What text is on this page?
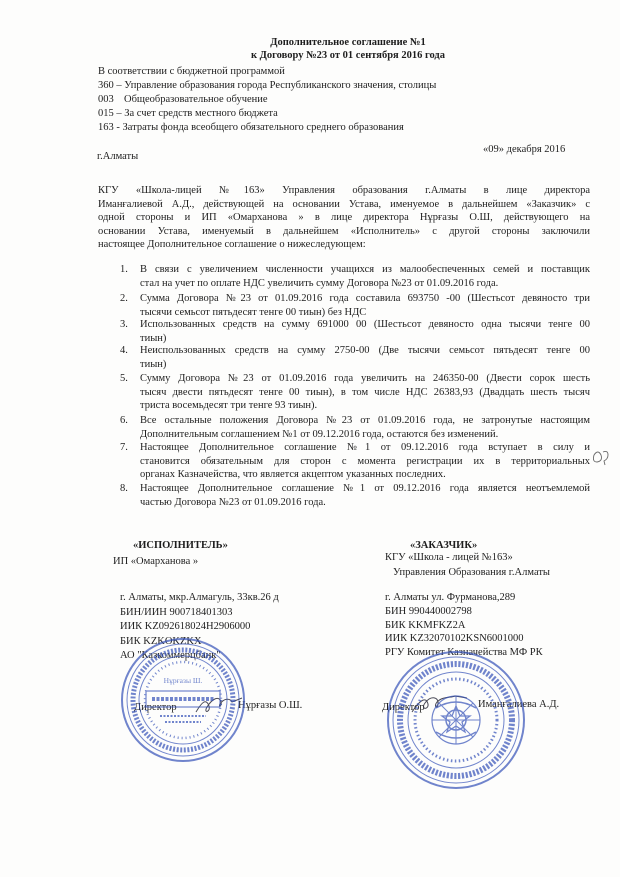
Дополнительное соглашение №1
к Договору №23 от 01 сентября 2016 года
В соответствии с бюджетной программой
360 – Управление образования города Республиканского значения, столицы
003 Общеобразовательное обучение
015 – За счет средств местного бюджета
163 - Затраты фонда всеобщего обязательного среднего образования
г.Алматы
«09» декабря 2016
КГУ «Школа-лицей №163» Управления образования г.Алматы в лице директора
Иманғалиевой А.Д., действующей на основании Устава, именуемое в дальнейшем «Заказчик» с
одной стороны и ИП «Омарханова » в лице директора Нұрғазы О.Ш, действующего на
основании Устава, именуемый в дальнейшем «Исполнитель» с другой стороны заключили
настоящее Дополнительное соглашение о нижеследующем:
1.	В связи с увеличением численности учащихся из малообеспеченных семей и поставщик
стал на учет по оплате НДС увеличить сумму Договора №23 от 01.09.2016 года.
2.	Сумма Договора №23 от 01.09.2016 года составила 693750 -00 (Шестьсот девяносто три
тысячи семьсот пятьдесят тенге 00 тиын) без НДС
3.	Использованных средств на сумму 691000 00 (Шестьсот девяносто одна тысячи тенге 00
тиын)
4.	Неиспользованных средств на сумму 2750-00 (Две тысячи семьсот пятьдесят тенге 00
тиын)
5.	Сумму Договора №23 от 01.09.2016 года увеличить на 246350-00 (Двести сорок шесть
тысяч двести пятьдесят тенге 00 тиын), в том числе НДС 26383,93 (Двадцать шесть тысяч
триста восемьдесят три тенге 93 тиын).
6.	Все остальные положения Договора №23 от 01.09.2016 года, не затронутые настоящим
Дополнительным соглашением №1 от 09.12.2016 года, остаются без изменений.
7.	Настоящее Дополнительное соглашение №1 от 09.12.2016 года вступает в силу и
становится обязательным для сторон с момента регистрации их в территориальных
органах Казначейства, что является акцептом указанных последних.
8.	Настоящее Дополнительное соглашение №1 от 09.12.2016 года является неотъемлемой
частью Договора №23 от 01.09.2016 года.
«ИСПОЛНИТЕЛЬ»
ИП «Омарханова »
г. Алматы, мкр.Алмагуль, 33кв.26 д
БИН/ИИН 900718401303
ИИК KZ092618024H2906000
БИК KZKOKZKX
АО "Казкоммерцбанк"
Директор	Нұрғазы О.Ш.
«ЗАКАЗЧИК»
КГУ «Школа - лицей №163»
Управления Образования г.Алматы
г. Алматы ул. Фурманова,289
БИН 990440002798
БИК KKMFKZ2A
ИИК KZ32070102KSN6001000
РГУ Комитет Казначейства МФ РК
Директор	Иманғалиева А.Д.
Нұрғазы Ш.
